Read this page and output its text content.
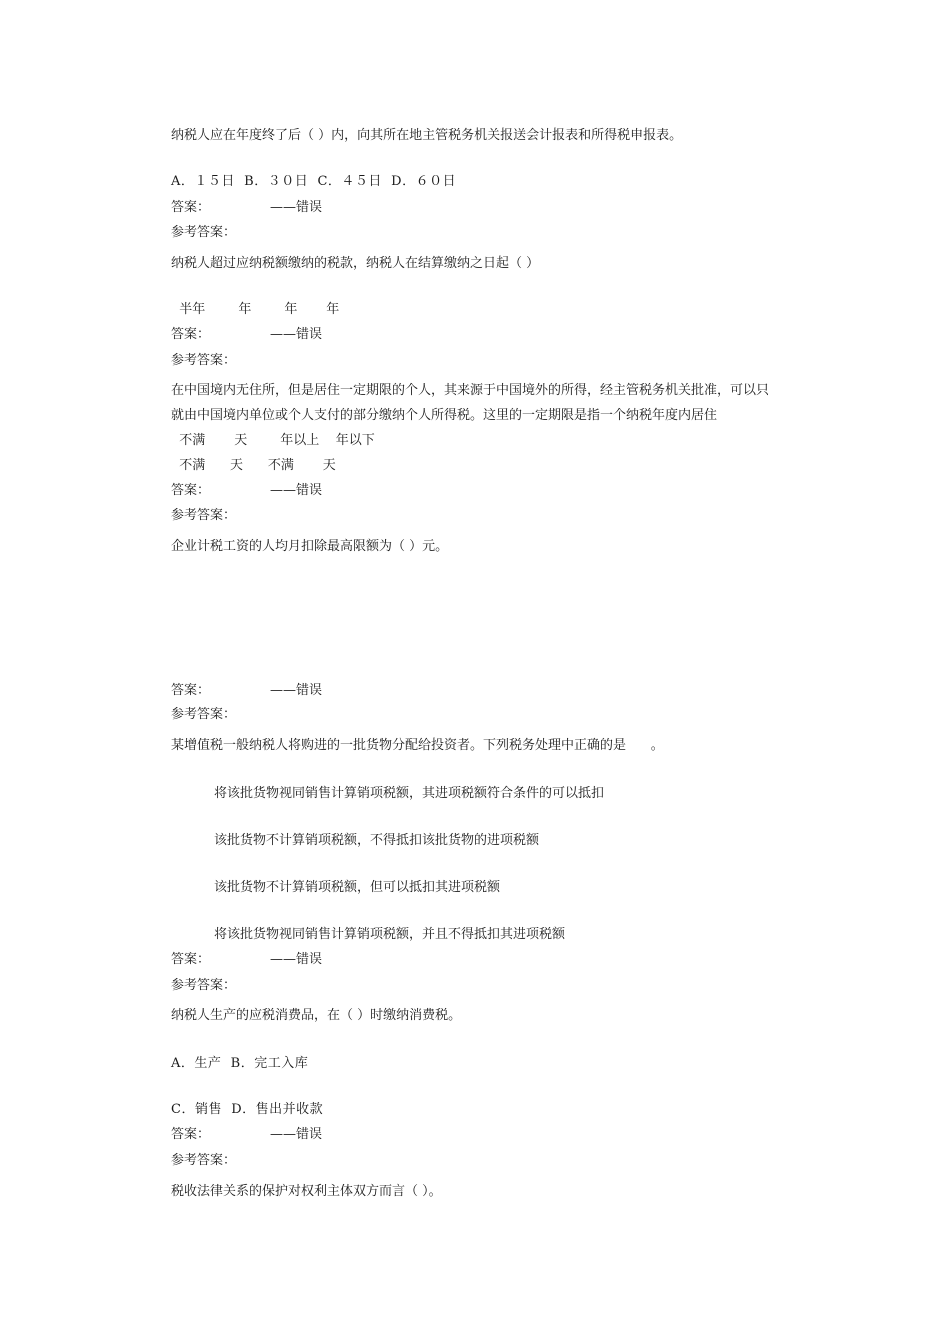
纳税人应在年度终了后（ ）内，向其所在地主管税务机关报送会计报表和所得税申报表。
A．１５日  B．３０日  C．４５日  D．６０日
答案：	——错误
参考答案：
纳税人超过应纳税额缴纳的税款，纳税人在结算缴纳之日起（ ）
半年        年        年       年
答案：	——错误
参考答案：
在中国境内无住所，但是居住一定期限的个人，其来源于中国境外的所得，经主管税务机关批准，可以只
就由中国境内单位或个人支付的部分缴纳个人所得税。这里的一定期限是指一个纳税年度内居住
不满       天        年以上    年以下
不满      天      不满       天
答案：	——错误
参考答案：
企业计税工资的人均月扣除最高限额为（ ）元。
答案：	——错误
参考答案：
某增值税一般纳税人将购进的一批货物分配给投资者。下列税务处理中正确的是      。
将该批货物视同销售计算销项税额，其进项税额符合条件的可以抵扣
该批货物不计算销项税额，不得抵扣该批货物的进项税额
该批货物不计算销项税额，但可以抵扣其进项税额
将该批货物视同销售计算销项税额，并且不得抵扣其进项税额
答案：	——错误
参考答案：
纳税人生产的应税消费品，在（ ）时缴纳消费税。
A．生产  B．完工入库
C．销售  D．售出并收款
答案：	——错误
参考答案：
税收法律关系的保护对权利主体双方而言（ ）。
